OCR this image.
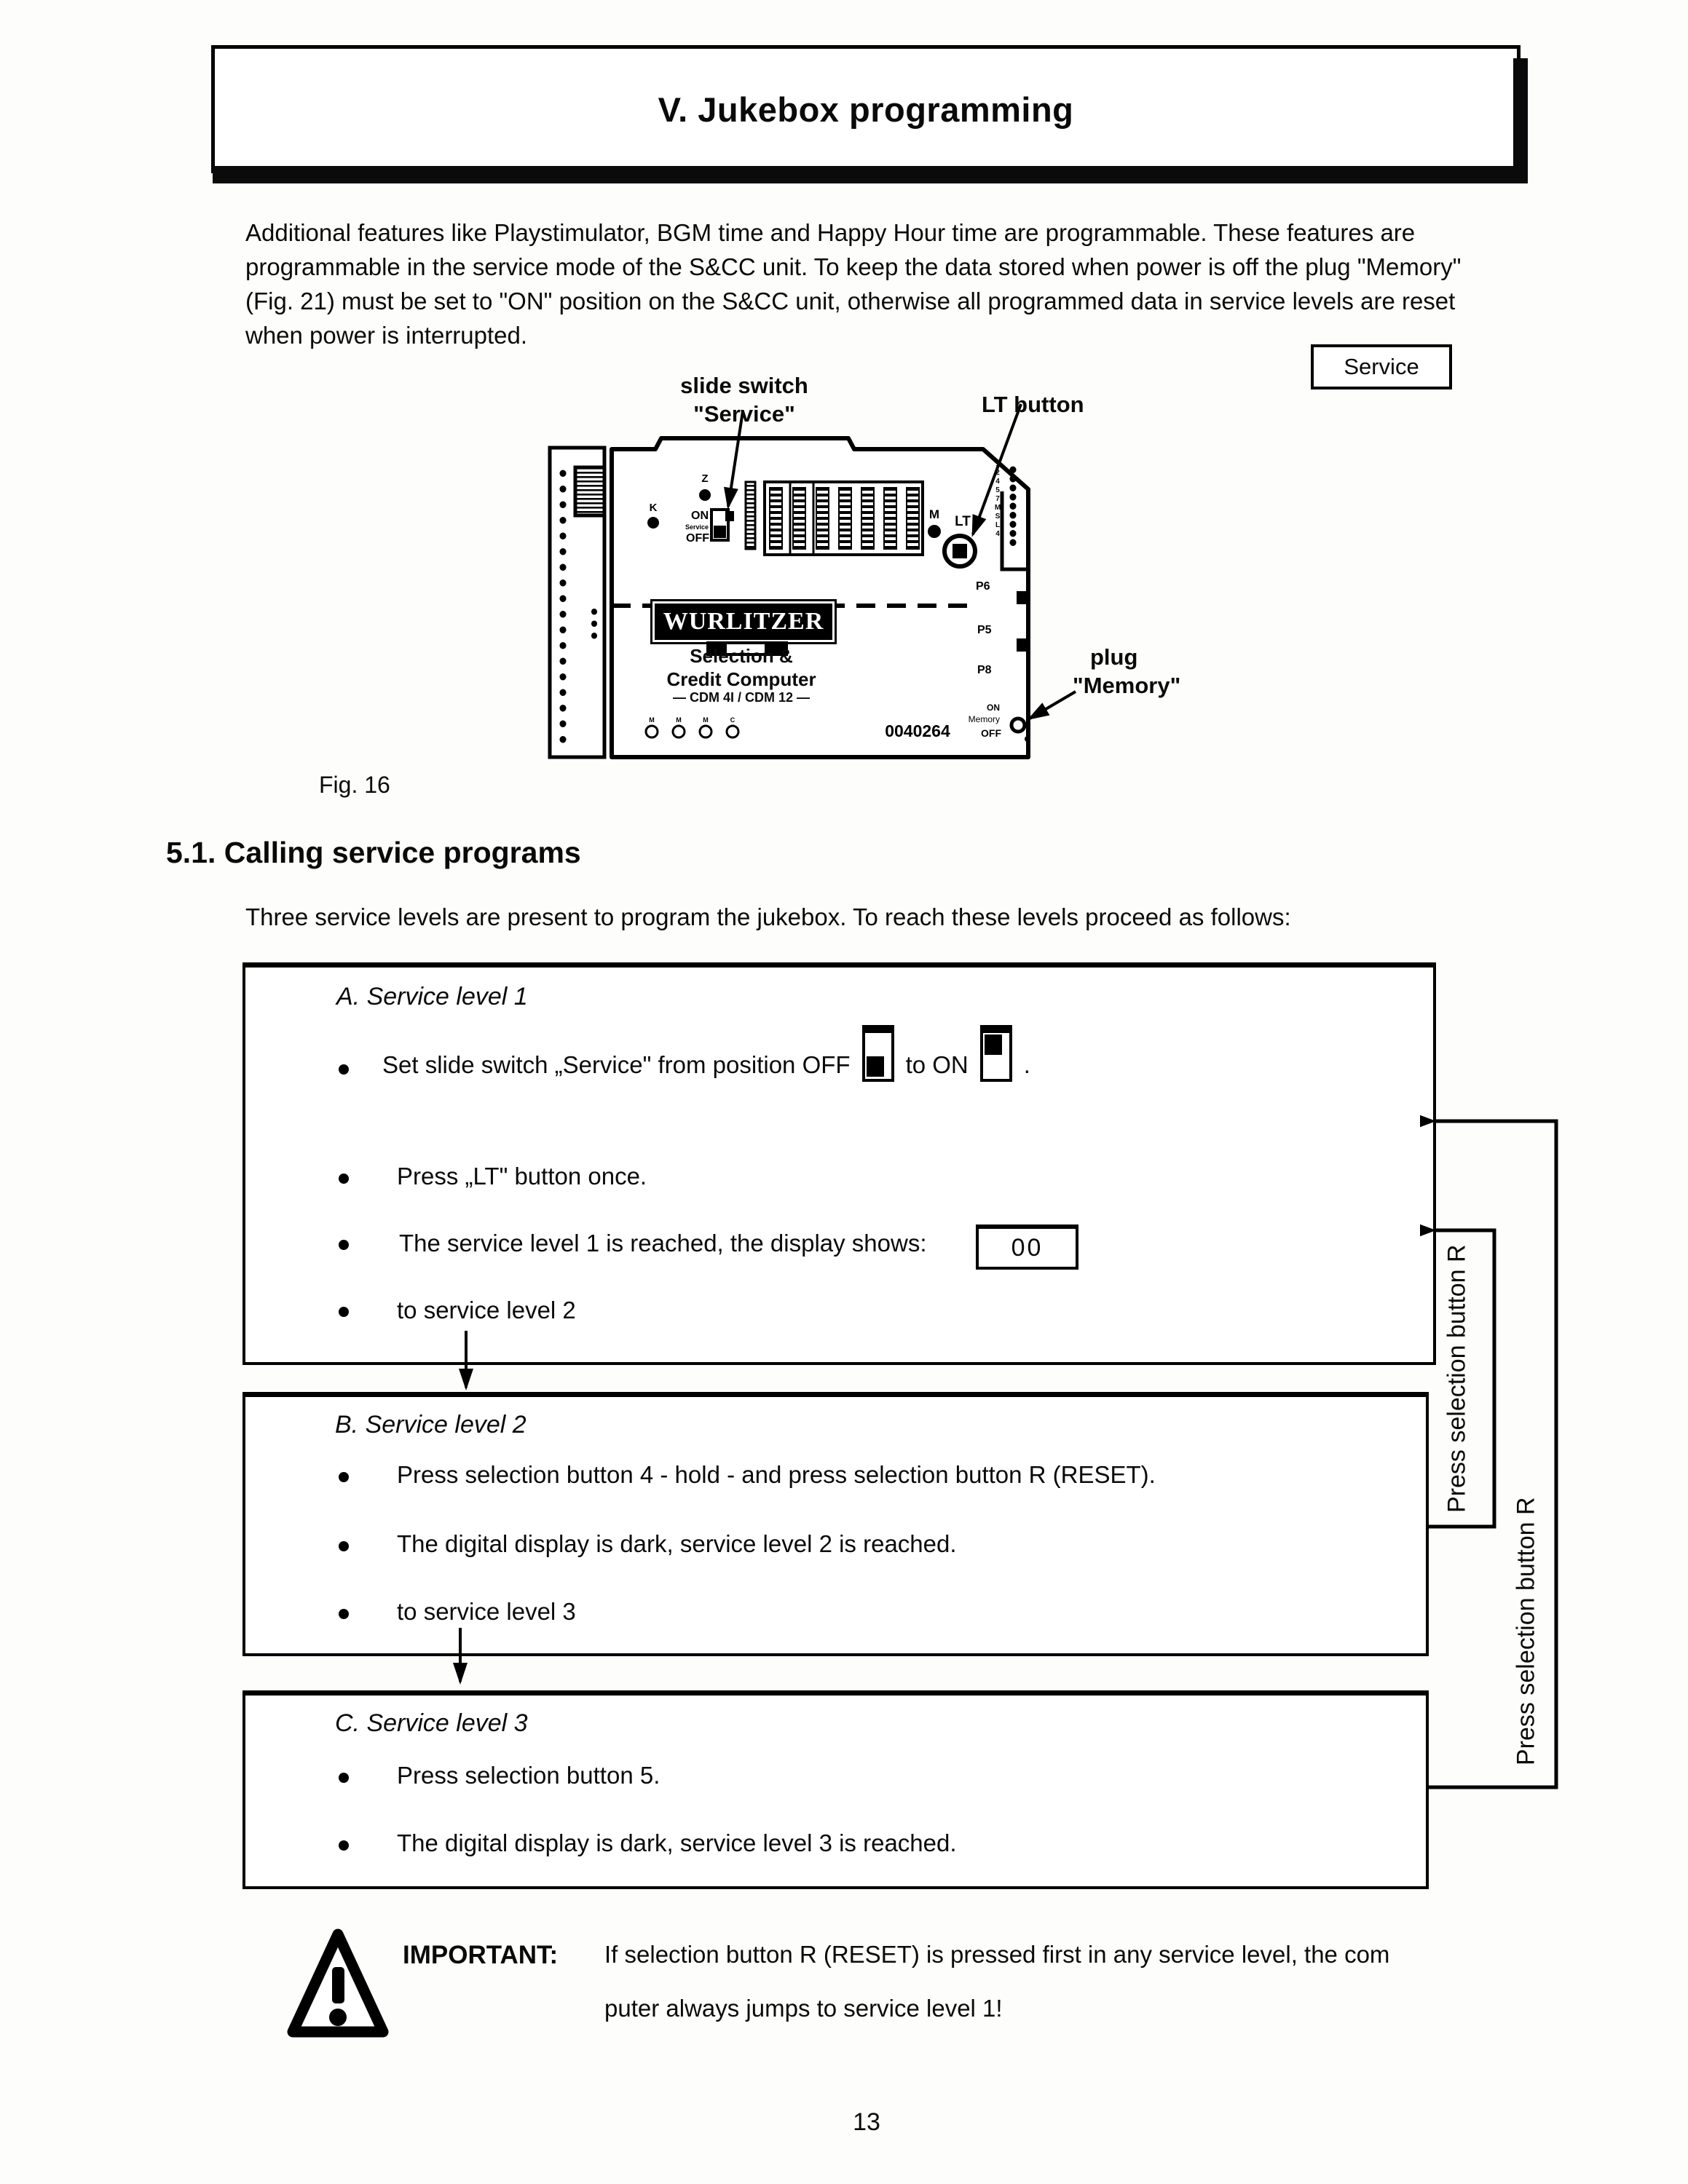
V. Jukebox programming
Additional features like Playstimulator, BGM time and Happy Hour time are programmable. These features are programmable in the service mode of the S&CC unit. To keep the data stored when power is off the plug "Memory" (Fig. 21) must be set to "ON" position on the S&CC unit, otherwise all programmed data in service levels are reset when power is interrupted.
Service
K
Z
ON
Service
OFF
M LT
P6
P5
P8
ON
Memory
OFF
0040264
M	M	M	C
slide switch
"Service"	LT button
plug
"Memory"
WURLITZER
Selection &
Credit Computer
— CDM 4I / CDM 12 —
1 2 4 5 7 M S L 4
Fig. 16
5.1. Calling service programs
Three service levels are present to program the jukebox. To reach these levels proceed as follows:
A. Service level 1
Set slide switch „Service" from position OFF to ON .
Press „LT" button once.
The service level 1 is reached, the display shows:	00
to service level 2
B. Service level 2
Press selection button 4 - hold - and press selection button R (RESET).
The digital display is dark, service level 2 is reached.
to service level 3
C. Service level 3
Press selection button 5.
The digital display is dark, service level 3 is reached.
Press selection button R
Press selection button R
IMPORTANT: If selection button R (RESET) is pressed first in any service level, the com
puter always jumps to service level 1!
13
